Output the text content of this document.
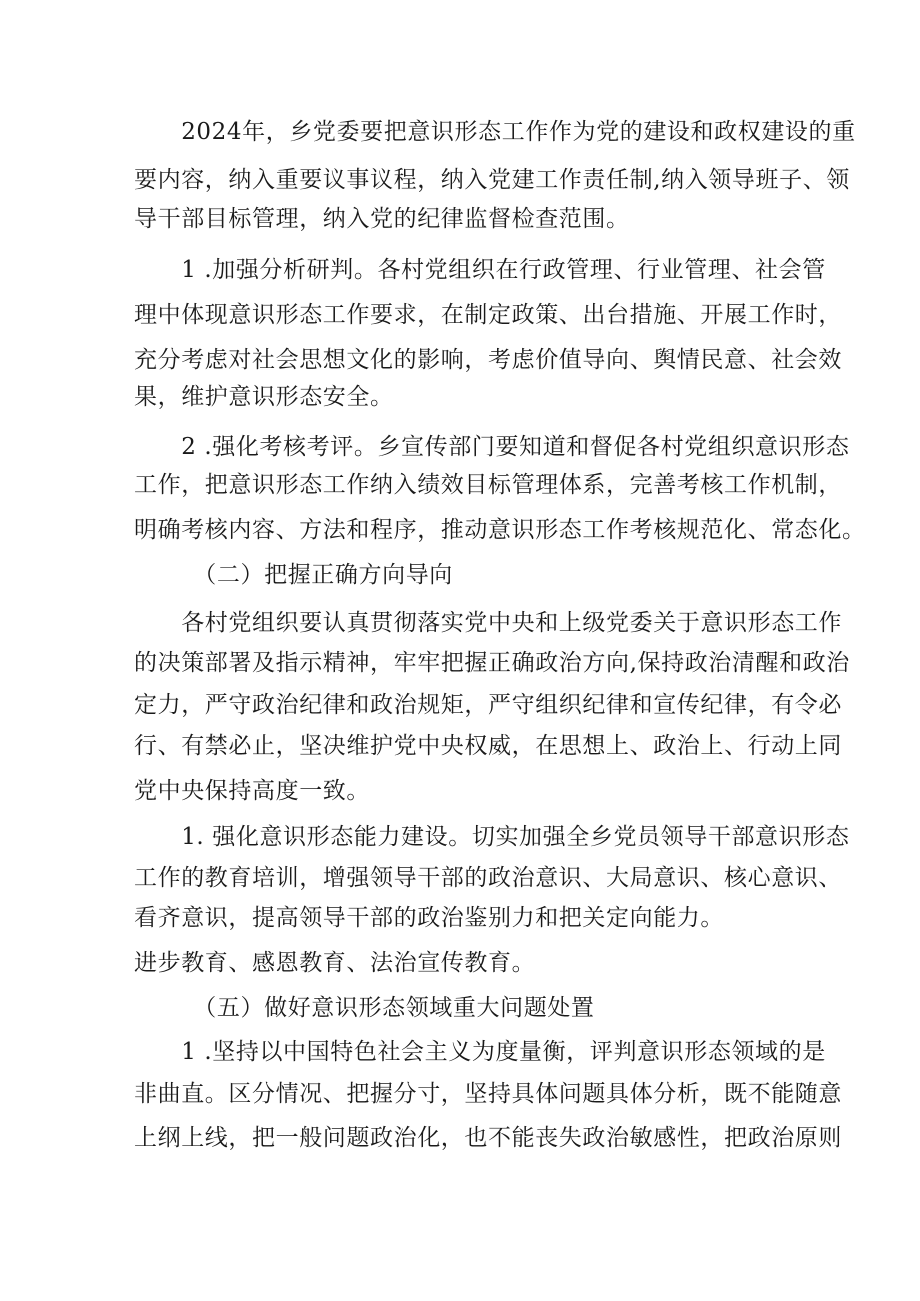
　　2024年，乡党委要把意识形态工作作为党的建设和政权建设的重
要内容，纳入重要议事议程，纳入党建工作责任制,纳入领导班子、领
导干部目标管理，纳入党的纪律监督检查范围。
　　1 .加强分析研判。各村党组织在行政管理、行业管理、社会管
理中体现意识形态工作要求，在制定政策、出台措施、开展工作时，
充分考虑对社会思想文化的影响，考虑价值导向、舆情民意、社会效
果，维护意识形态安全。
　　2 .强化考核考评。乡宣传部门要知道和督促各村党组织意识形态
工作，把意识形态工作纳入绩效目标管理体系，完善考核工作机制，
明确考核内容、方法和程序，推动意识形态工作考核规范化、常态化。
　　　（二）把握正确方向导向
　　各村党组织要认真贯彻落实党中央和上级党委关于意识形态工作
的决策部署及指示精神，牢牢把握正确政治方向,保持政治清醒和政治
定力，严守政治纪律和政治规矩，严守组织纪律和宣传纪律，有令必
行、有禁必止，坚决维护党中央权威，在思想上、政治上、行动上同
党中央保持高度一致。
　　1. 强化意识形态能力建设。切实加强全乡党员领导干部意识形态
工作的教育培训，增强领导干部的政治意识、大局意识、核心意识、
看齐意识，提高领导干部的政治鉴别力和把关定向能力。
进步教育、感恩教育、法治宣传教育。
　　　（五）做好意识形态领域重大问题处置
　　1 .坚持以中国特色社会主义为度量衡，评判意识形态领域的是
非曲直。区分情况、把握分寸，坚持具体问题具体分析，既不能随意
上纲上线，把一般问题政治化，也不能丧失政治敏感性，把政治原则
